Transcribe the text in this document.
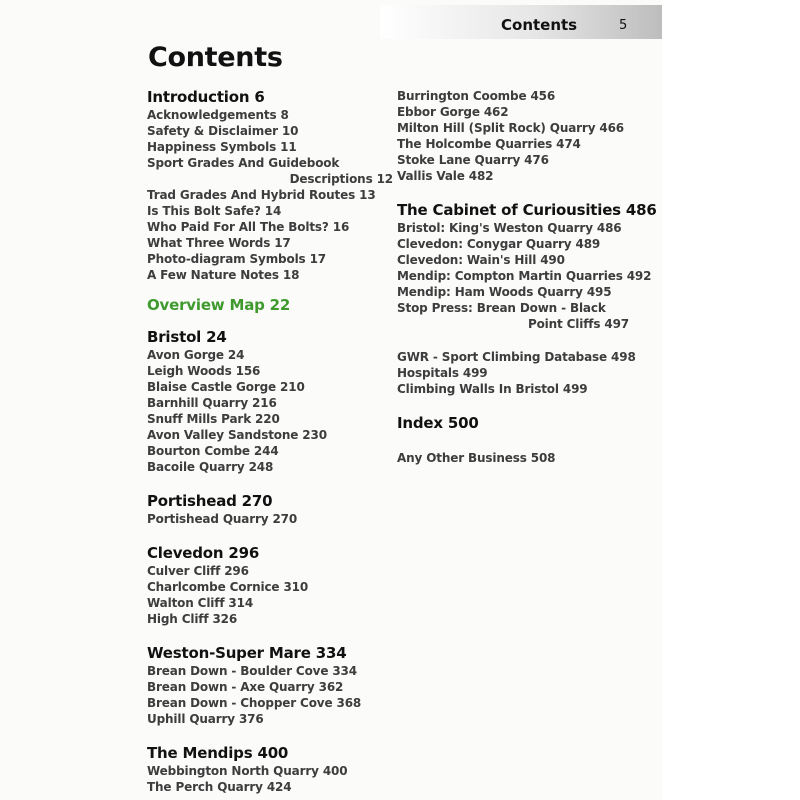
Contents	5
Contents
Introduction 6
Acknowledgements 8
Safety & Disclaimer 10
Happiness Symbols 11
Sport Grades And Guidebook
Descriptions 12
Trad Grades And Hybrid Routes 13
Is This Bolt Safe? 14
Who Paid For All The Bolts? 16
What Three Words 17
Photo-diagram Symbols 17
A Few Nature Notes 18
Overview Map 22
Bristol 24
Avon Gorge 24
Leigh Woods 156
Blaise Castle Gorge 210
Barnhill Quarry 216
Snuff Mills Park 220
Avon Valley Sandstone 230
Bourton Combe 244
Bacoile Quarry 248
Portishead 270
Portishead Quarry 270
Clevedon 296
Culver Cliff 296
Charlcombe Cornice 310
Walton Cliff 314
High Cliff 326
Weston-Super Mare 334
Brean Down - Boulder Cove 334
Brean Down - Axe Quarry 362
Brean Down - Chopper Cove 368
Uphill Quarry 376
The Mendips 400
Webbington North Quarry 400
The Perch Quarry 424
Burrington Coombe 456
Ebbor Gorge 462
Milton Hill (Split Rock) Quarry 466
The Holcombe Quarries 474
Stoke Lane Quarry 476
Vallis Vale 482
The Cabinet of Curiousities 486
Bristol: King's Weston Quarry 486
Clevedon: Conygar Quarry 489
Clevedon: Wain's Hill 490
Mendip: Compton Martin Quarries 492
Mendip: Ham Woods Quarry 495
Stop Press: Brean Down - Black
Point Cliffs 497
GWR - Sport Climbing Database 498
Hospitals 499
Climbing Walls In Bristol 499
Index 500
Any Other Business 508
